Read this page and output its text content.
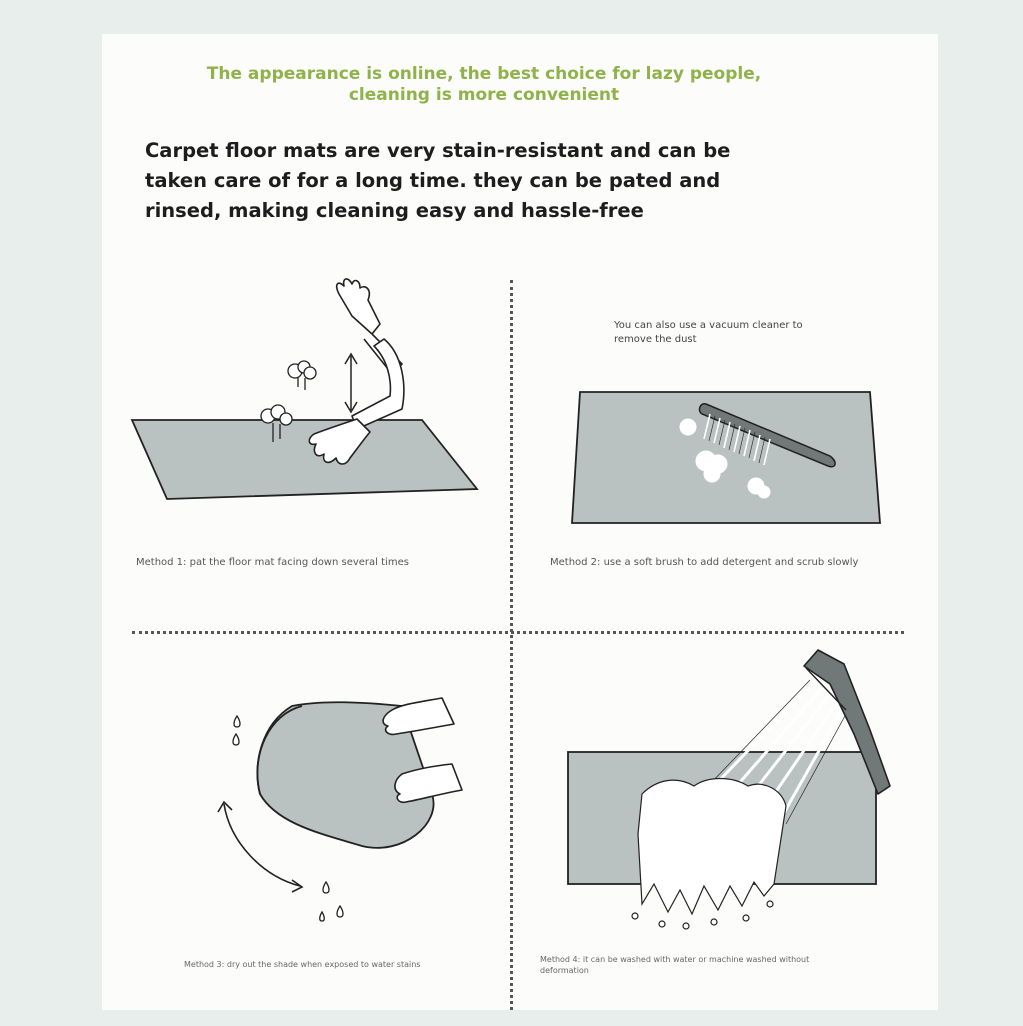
The appearance is online, the best choice for lazy people,
cleaning is more convenient
Carpet floor mats are very stain-resistant and can be
taken care of for a long time. they can be pated and
rinsed, making cleaning easy and hassle-free
You can also use a vacuum cleaner to
remove the dust
Method 1: pat the floor mat facing down several times	Method 2: use a soft brush to add detergent and scrub slowly
Method 3: dry out the shade when exposed to water stains
Method 4: it can be washed with water or machine washed without
deformation
